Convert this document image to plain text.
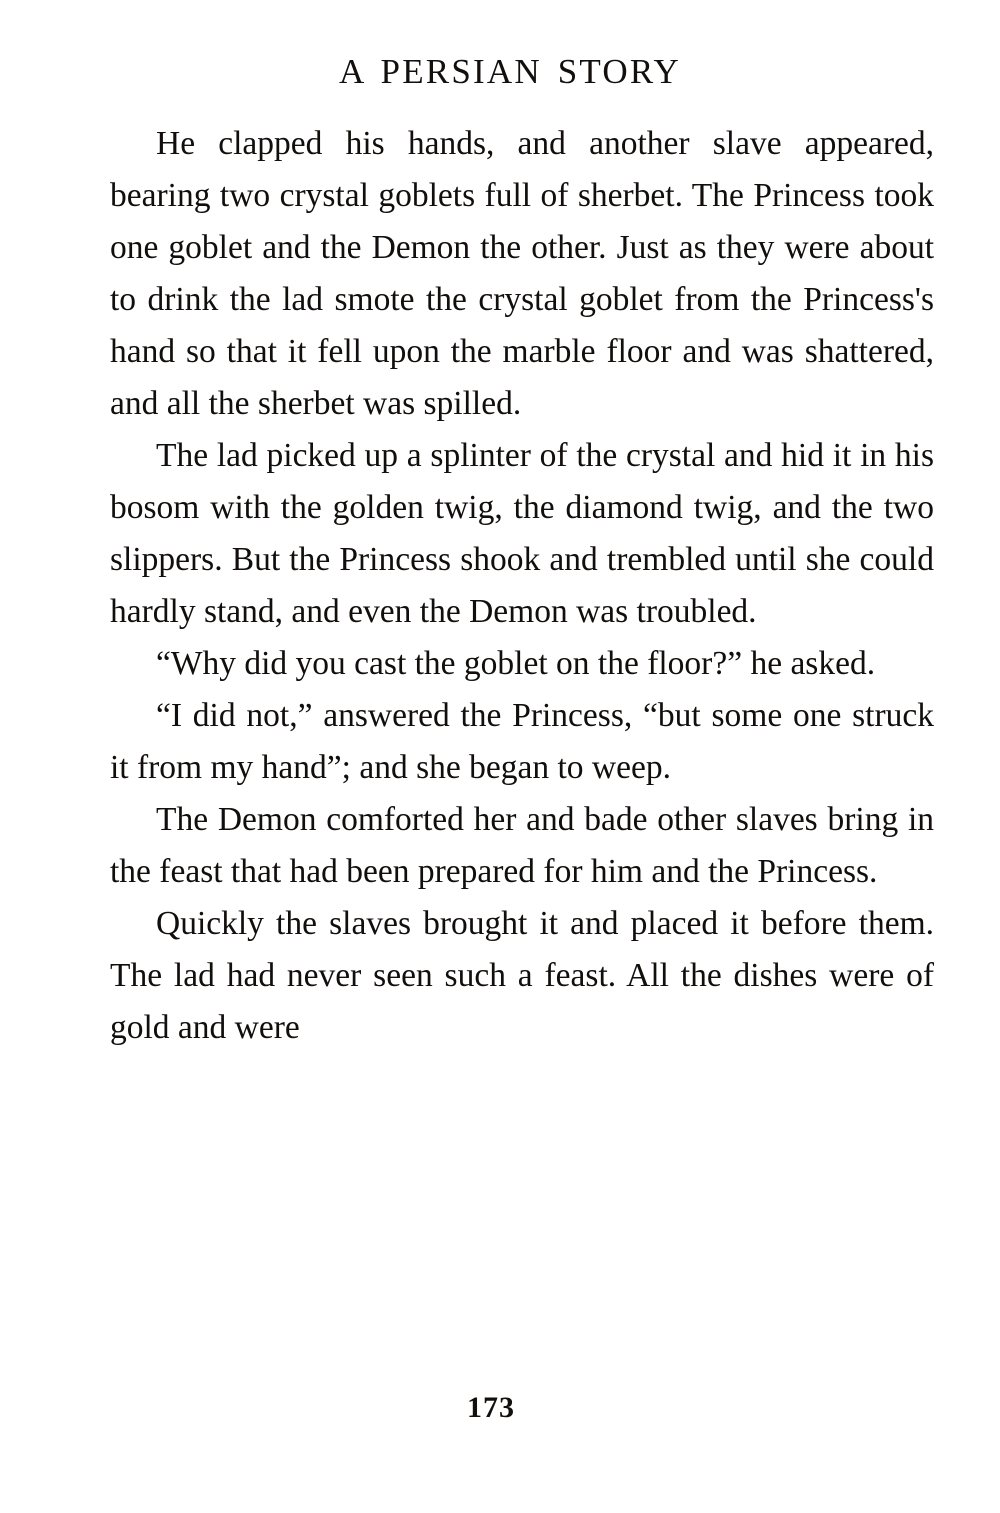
A PERSIAN STORY

He clapped his hands, and another slave appeared, bearing two crystal goblets full of sherbet. The Princess took one goblet and the Demon the other. Just as they were about to drink the lad smote the crystal goblet from the Princess's hand so that it fell upon the marble floor and was shattered, and all the sherbet was spilled.

The lad picked up a splinter of the crystal and hid it in his bosom with the golden twig, the diamond twig, and the two slippers. But the Princess shook and trembled until she could hardly stand, and even the Demon was troubled.

“Why did you cast the goblet on the floor?” he asked.

“I did not,” answered the Princess, “but some one struck it from my hand”; and she began to weep.

The Demon comforted her and bade other slaves bring in the feast that had been prepared for him and the Princess.

Quickly the slaves brought it and placed it before them. The lad had never seen such a feast. All the dishes were of gold and were

173
